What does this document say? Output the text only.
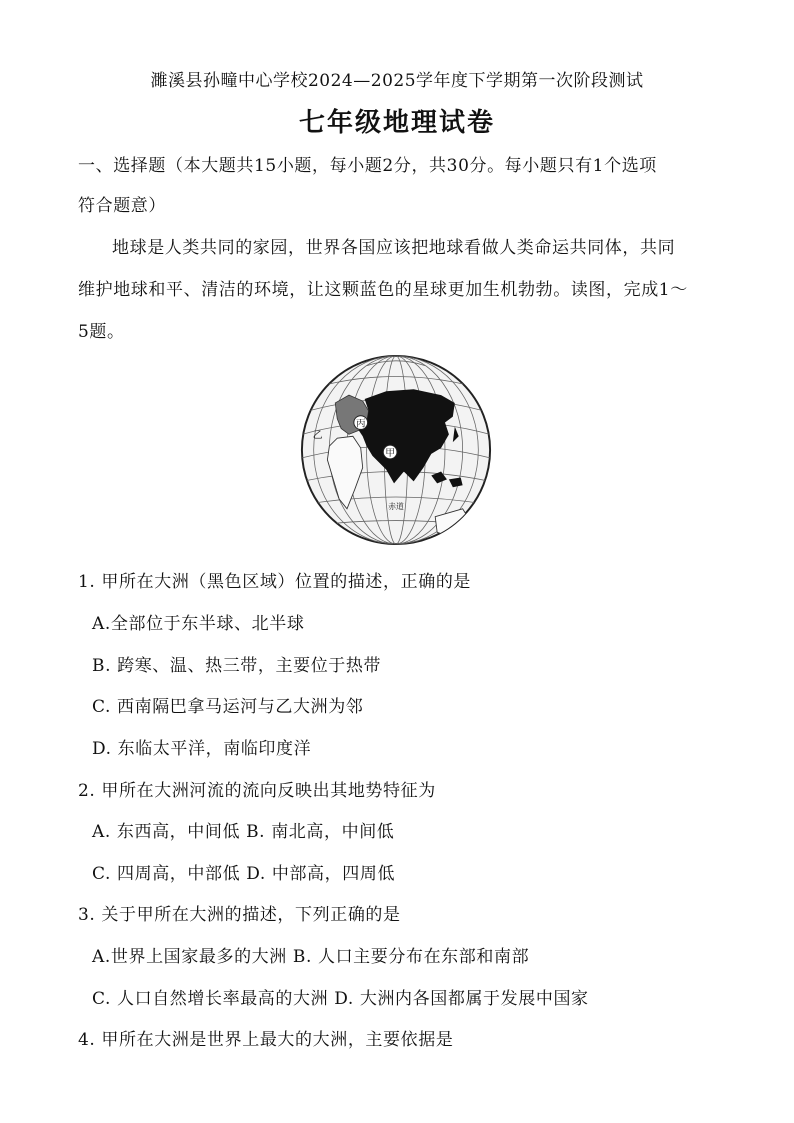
濉溪县孙疃中心学校2024—2025学年度下学期第一次阶段测试
七年级地理试卷
一、选择题（本大题共15小题，每小题2分，共30分。每小题只有1个选项
符合题意）
地球是人类共同的家园，世界各国应该把地球看做人类命运共同体，共同
维护地球和平、清洁的环境，让这颗蓝色的星球更加生机勃勃。读图，完成1～
5题。
丙
甲
乙
赤道
1. 甲所在大洲（黑色区域）位置的描述，正确的是
A.全部位于东半球、北半球
B. 跨寒、温、热三带，主要位于热带
C. 西南隔巴拿马运河与乙大洲为邻
D. 东临太平洋，南临印度洋
2. 甲所在大洲河流的流向反映出其地势特征为
A. 东西高，中间低 B. 南北高，中间低
C. 四周高，中部低 D. 中部高，四周低
3. 关于甲所在大洲的描述，下列正确的是
A.世界上国家最多的大洲 B. 人口主要分布在东部和南部
C. 人口自然增长率最高的大洲 D. 大洲内各国都属于发展中国家
4. 甲所在大洲是世界上最大的大洲，主要依据是
